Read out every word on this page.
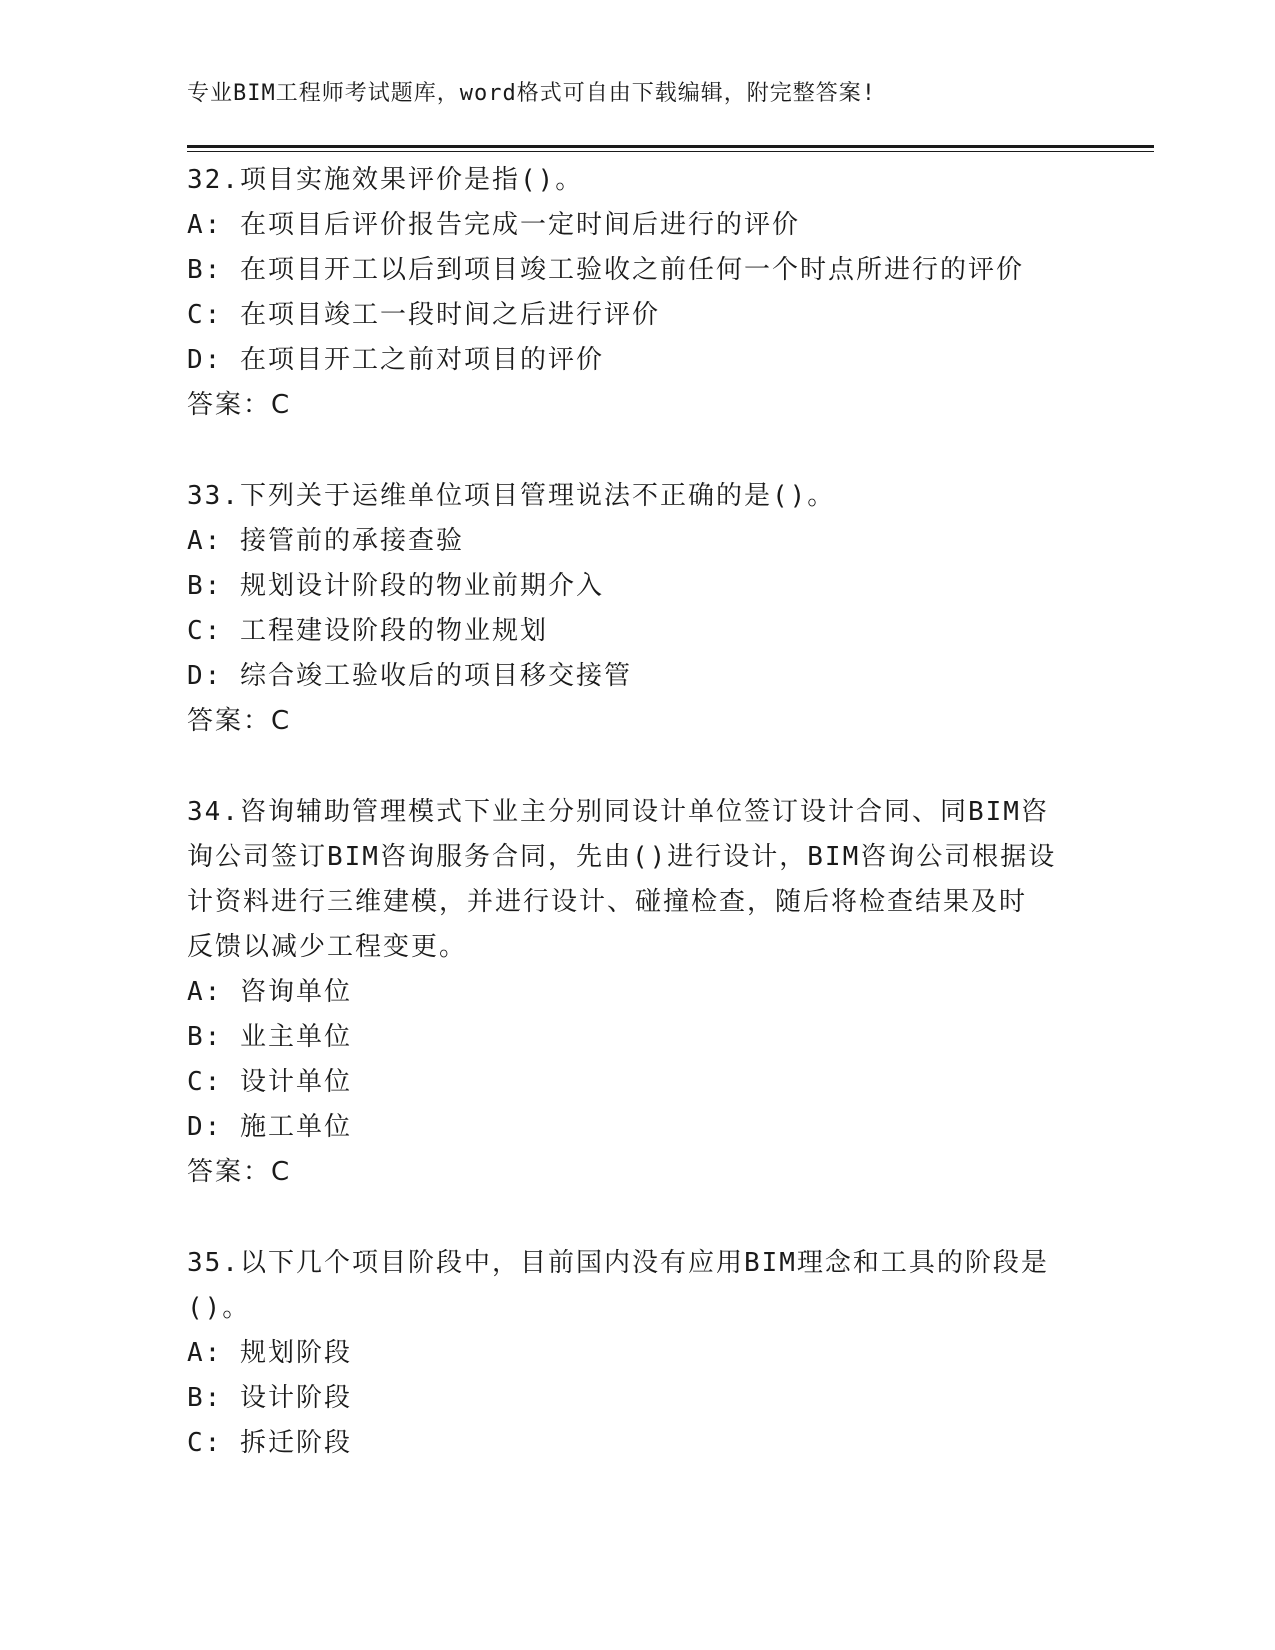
专业BIM工程师考试题库，word格式可自由下载编辑，附完整答案!
32.项目实施效果评价是指()。
A: 在项目后评价报告完成一定时间后进行的评价
B: 在项目开工以后到项目竣工验收之前任何一个时点所进行的评价
C: 在项目竣工一段时间之后进行评价
D: 在项目开工之前对项目的评价
答案：C
33.下列关于运维单位项目管理说法不正确的是()。
A: 接管前的承接查验
B: 规划设计阶段的物业前期介入
C: 工程建设阶段的物业规划
D: 综合竣工验收后的项目移交接管
答案：C
34.咨询辅助管理模式下业主分别同设计单位签订设计合同、同BIM咨
询公司签订BIM咨询服务合同，先由()进行设计，BIM咨询公司根据设
计资料进行三维建模，并进行设计、碰撞检查，随后将检查结果及时
反馈以减少工程变更。
A: 咨询单位
B: 业主单位
C: 设计单位
D: 施工单位
答案：C
35.以下几个项目阶段中，目前国内没有应用BIM理念和工具的阶段是
()。
A: 规划阶段
B: 设计阶段
C: 拆迁阶段
